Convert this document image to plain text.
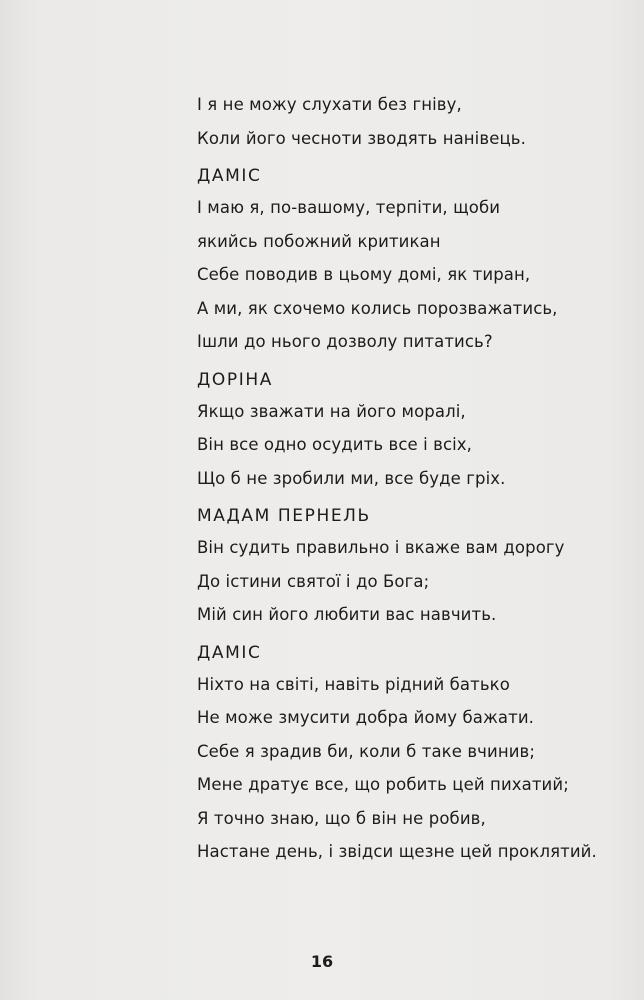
І я не можу слухати без гніву,
Коли його чесноти зводять нанівець.
ДАМІС
І маю я, по-вашому, терпіти, щоби
якийсь побожний критикан
Себе поводив в цьому домі, як тиран,
А ми, як схочемо колись порозважатись,
Ішли до нього дозволу питатись?
ДОРІНА
Якщо зважати на його моралі,
Він все одно осудить все і всіх,
Що б не зробили ми, все буде гріх.
МАДАМ ПЕРНЕЛЬ
Він судить правильно і вкаже вам дорогу
До істини святої і до Бога;
Мій син його любити вас навчить.
ДАМІС
Ніхто на світі, навіть рідний батько
Не може змусити добра йому бажати.
Себе я зрадив би, коли б таке вчинив;
Мене дратує все, що робить цей пихатий;
Я точно знаю, що б він не робив,
Настане день, і звідси щезне цей проклятий.
16
